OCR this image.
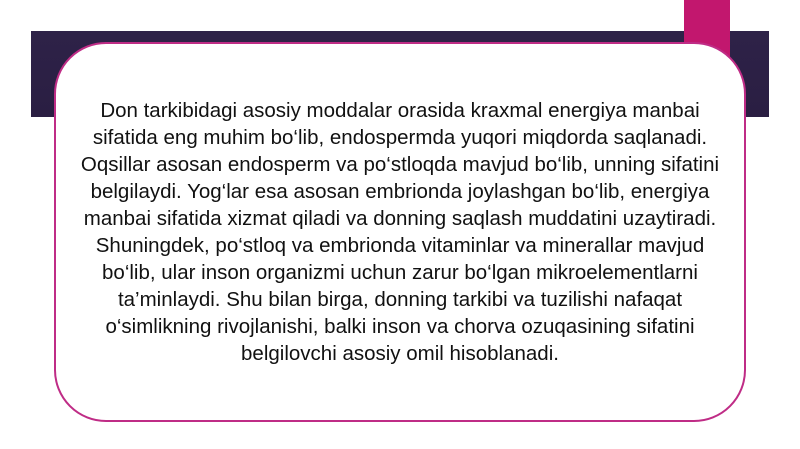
Don tarkibidagi asosiy moddalar orasida kraxmal energiya manbai sifatida eng muhim bo‘lib, endospermda yuqori miqdorda saqlanadi. Oqsillar asosan endosperm va po‘stloqda mavjud bo‘lib, unning sifatini belgilaydi. Yog‘lar esa asosan embrionda joylashgan bo‘lib, energiya manbai sifatida xizmat qiladi va donning saqlash muddatini uzaytiradi. Shuningdek, po‘stloq va embrionda vitaminlar va minerallar mavjud bo‘lib, ular inson organizmi uchun zarur bo‘lgan mikroelementlarni ta’minlaydi. Shu bilan birga, donning tarkibi va tuzilishi nafaqat o‘simlikning rivojlanishi, balki inson va chorva ozuqasining sifatini belgilovchi asosiy omil hisoblanadi.
